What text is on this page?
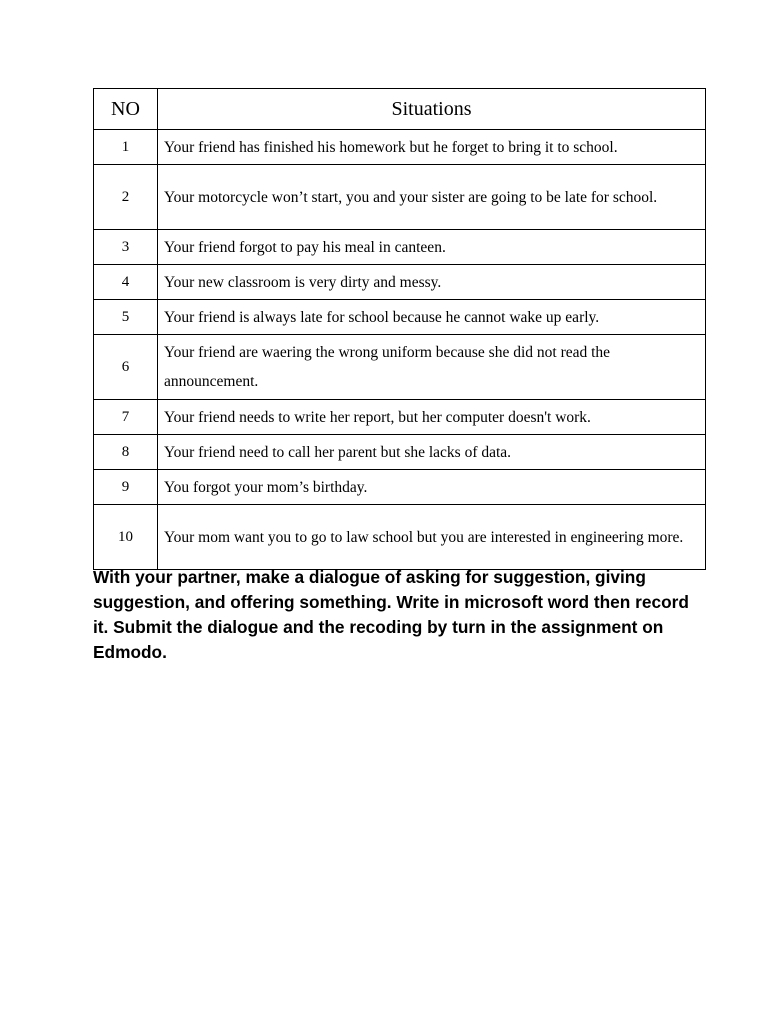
NO	Situations
1	Your friend has finished his homework but he forget to bring it to school.
2	Your motorcycle won’t start, you and your sister are going to be late for school.
3	Your friend forgot to pay his meal in canteen.
4	Your new classroom is very dirty and messy.
5	Your friend is always late for school because he cannot wake up early.
6	Your friend are waering the wrong uniform because she did not read the announcement.
7	Your friend needs to write her report, but her computer doesn't work.
8	Your friend need to call her parent but she lacks of data.
9	You forgot your mom’s birthday.
10	Your mom want you to go to law school but you are interested in engineering more.

With your partner, make a dialogue of asking for suggestion, giving suggestion, and offering something. Write in microsoft word then record it. Submit the dialogue and the recoding by turn in the assignment on Edmodo.
